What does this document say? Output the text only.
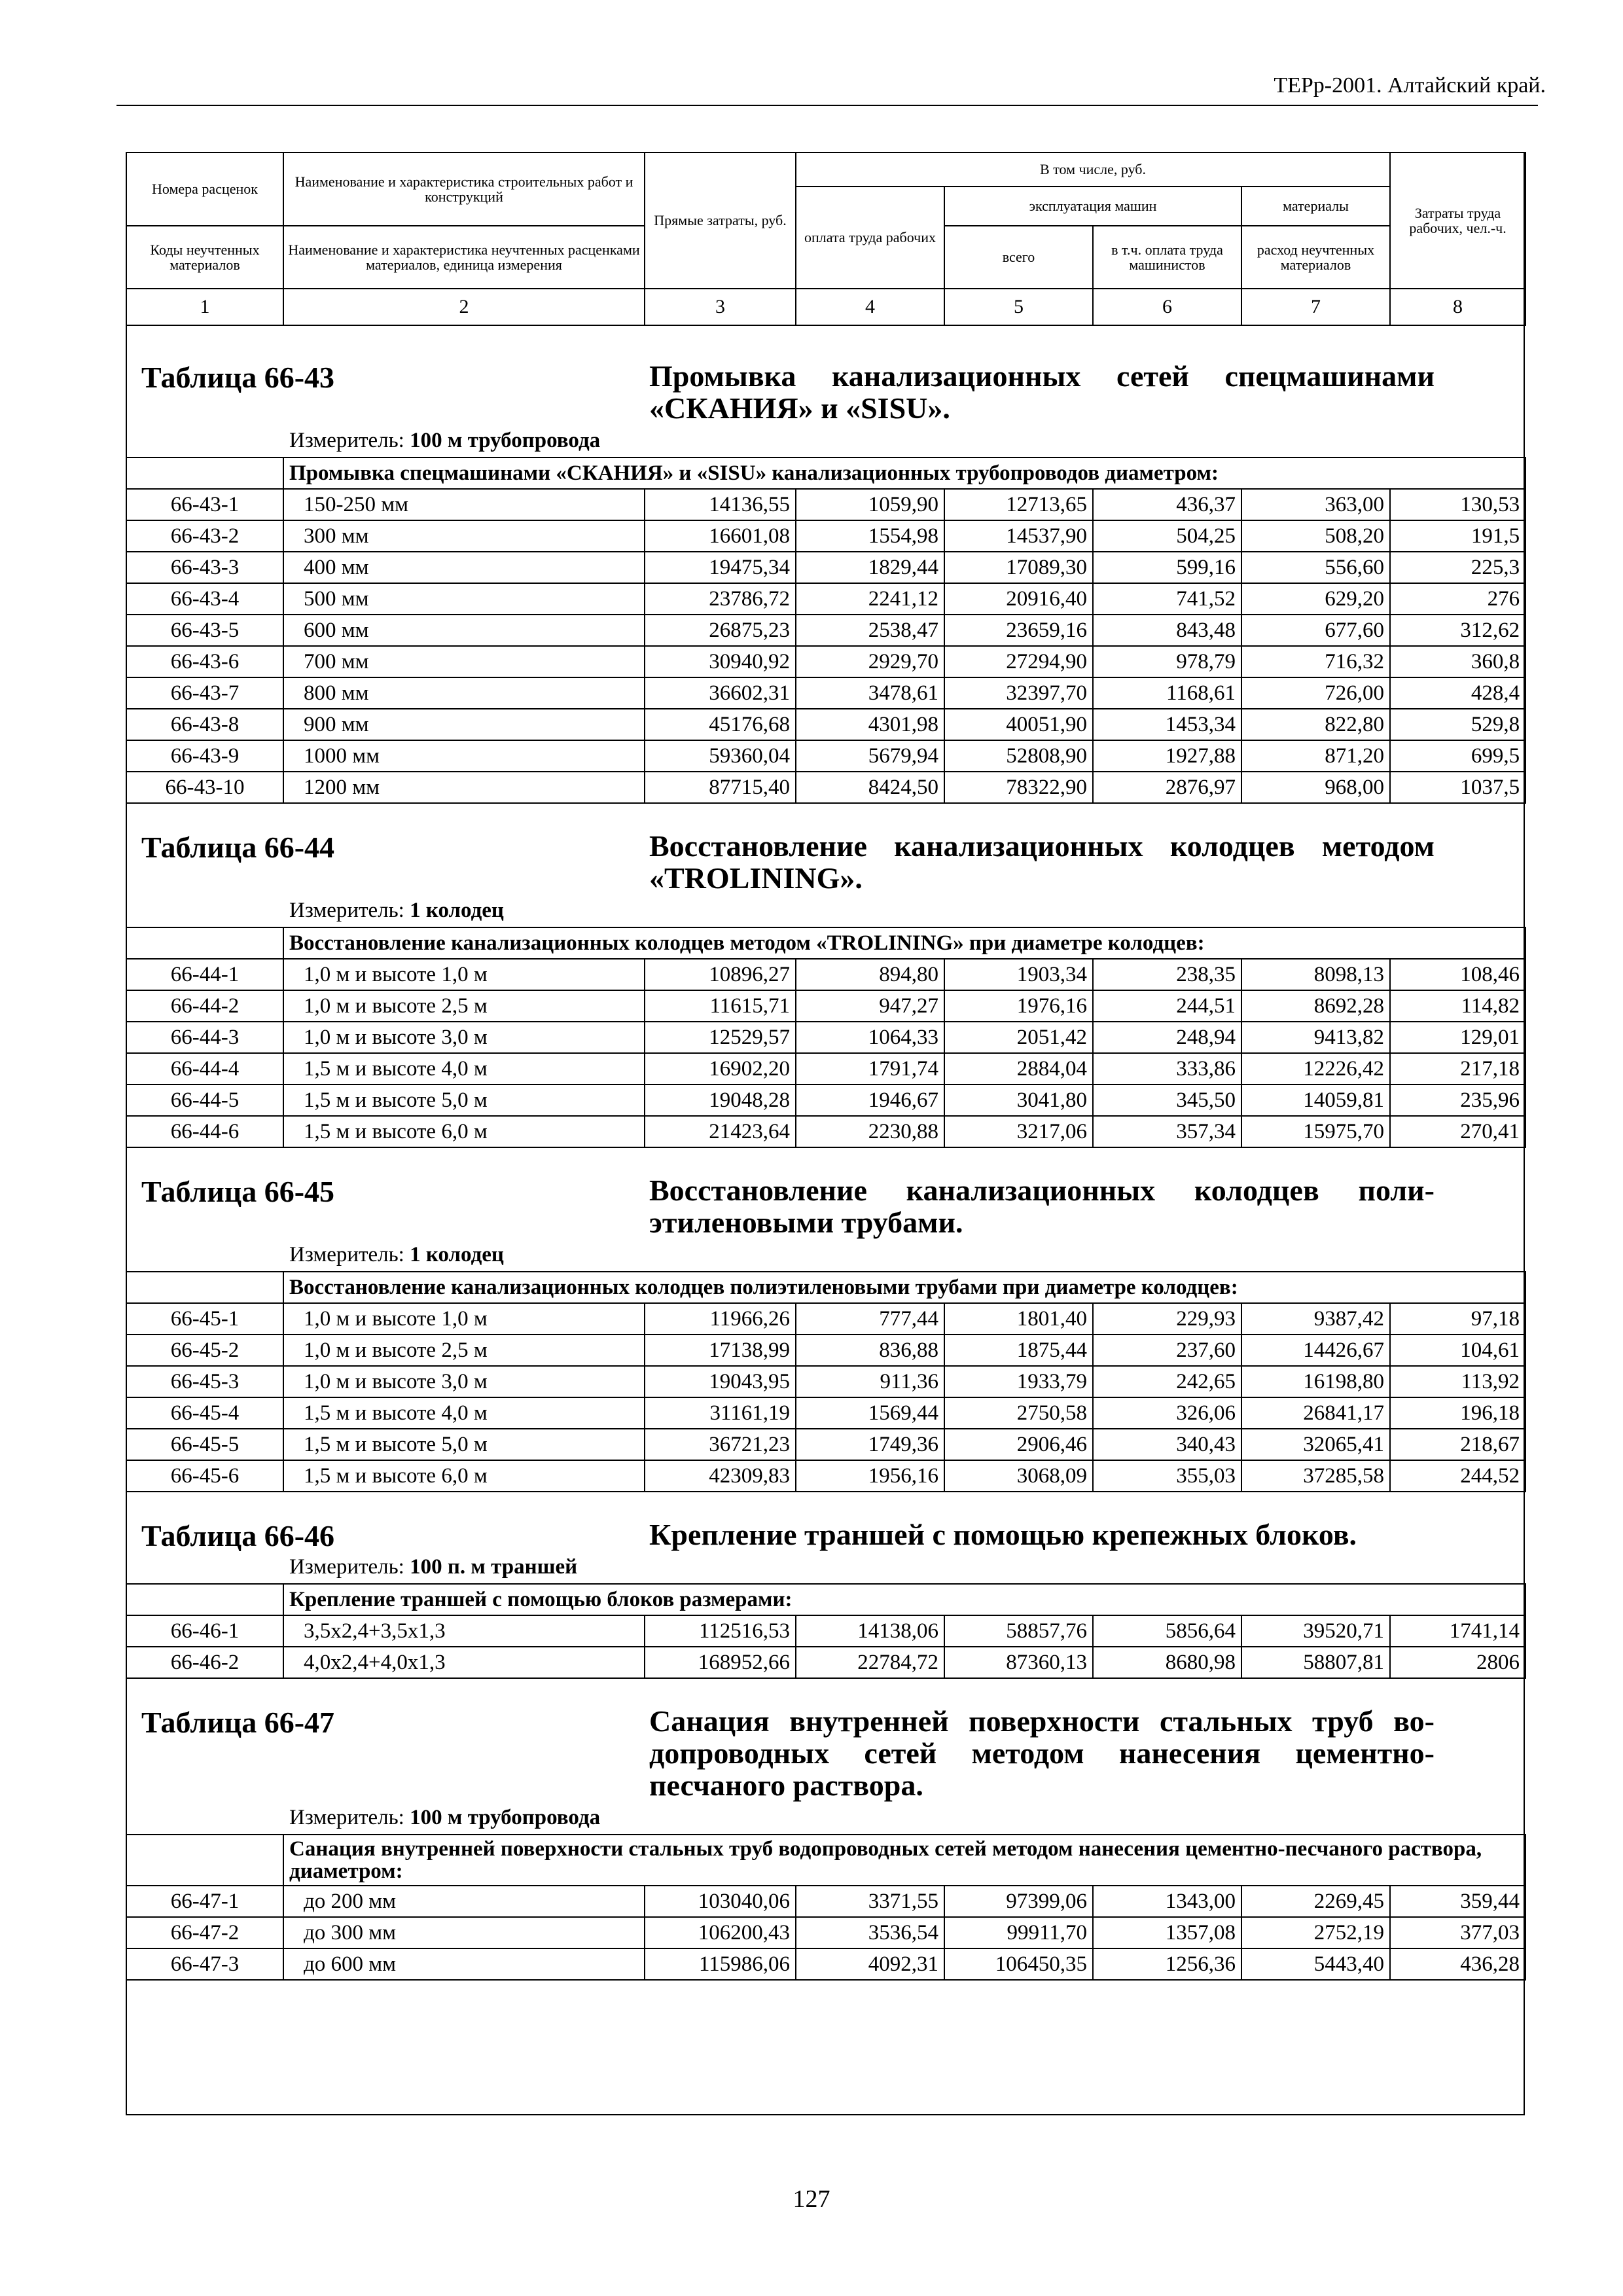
ТЕРр-2001. Алтайский край.
Номера расценок	Наименование и характеристика строительных работ и конструкций	Прямые затраты, руб.	В том числе, руб.				Затраты труда рабочих, чел.-ч.
			оплата труда рабочих	эксплуатация машин		материалы	
Коды неучтенных материалов	Наименование и характеристика неучтенных расценками материалов, единица измерения			всего	в т.ч. оплата труда машинистов	расход неучтенных материалов	
1	2	3	4	5	6	7	8
Таблица 66-43	Промывка канализационных сетей спецмашинами «СКАНИЯ» и «SISU».
Измеритель: 100 м трубопровода
	Промывка спецмашинами «СКАНИЯ» и «SISU» канализационных трубопроводов диаметром:						
66-43-1	150-250 мм	14136,55	1059,90	12713,65	436,37	363,00	130,53
66-43-2	300 мм	16601,08	1554,98	14537,90	504,25	508,20	191,5
66-43-3	400 мм	19475,34	1829,44	17089,30	599,16	556,60	225,3
66-43-4	500 мм	23786,72	2241,12	20916,40	741,52	629,20	276
66-43-5	600 мм	26875,23	2538,47	23659,16	843,48	677,60	312,62
66-43-6	700 мм	30940,92	2929,70	27294,90	978,79	716,32	360,8
66-43-7	800 мм	36602,31	3478,61	32397,70	1168,61	726,00	428,4
66-43-8	900 мм	45176,68	4301,98	40051,90	1453,34	822,80	529,8
66-43-9	1000 мм	59360,04	5679,94	52808,90	1927,88	871,20	699,5
66-43-10	1200 мм	87715,40	8424,50	78322,90	2876,97	968,00	1037,5
Таблица 66-44	Восстановление канализационных колодцев методом «TROLINING».
Измеритель: 1 колодец
	Восстановление канализационных колодцев методом «TROLINING» при диаметре колодцев:						
66-44-1	1,0 м и высоте 1,0 м	10896,27	894,80	1903,34	238,35	8098,13	108,46
66-44-2	1,0 м и высоте 2,5 м	11615,71	947,27	1976,16	244,51	8692,28	114,82
66-44-3	1,0 м и высоте 3,0 м	12529,57	1064,33	2051,42	248,94	9413,82	129,01
66-44-4	1,5 м и высоте 4,0 м	16902,20	1791,74	2884,04	333,86	12226,42	217,18
66-44-5	1,5 м и высоте 5,0 м	19048,28	1946,67	3041,80	345,50	14059,81	235,96
66-44-6	1,5 м и высоте 6,0 м	21423,64	2230,88	3217,06	357,34	15975,70	270,41
Таблица 66-45	Восстановление канализационных колодцев поли-этиленовыми трубами.
Измеритель: 1 колодец
	Восстановление канализационных колодцев полиэтиленовыми трубами при диаметре колодцев:						
66-45-1	1,0 м и высоте 1,0 м	11966,26	777,44	1801,40	229,93	9387,42	97,18
66-45-2	1,0 м и высоте 2,5 м	17138,99	836,88	1875,44	237,60	14426,67	104,61
66-45-3	1,0 м и высоте 3,0 м	19043,95	911,36	1933,79	242,65	16198,80	113,92
66-45-4	1,5 м и высоте 4,0 м	31161,19	1569,44	2750,58	326,06	26841,17	196,18
66-45-5	1,5 м и высоте 5,0 м	36721,23	1749,36	2906,46	340,43	32065,41	218,67
66-45-6	1,5 м и высоте 6,0 м	42309,83	1956,16	3068,09	355,03	37285,58	244,52
Таблица 66-46	Крепление траншей с помощью крепежных блоков.
Измеритель: 100 п. м траншей
	Крепление траншей с помощью блоков размерами:						
66-46-1	3,5х2,4+3,5х1,3	112516,53	14138,06	58857,76	5856,64	39520,71	1741,14
66-46-2	4,0х2,4+4,0х1,3	168952,66	22784,72	87360,13	8680,98	58807,81	2806
Таблица 66-47	Санация внутренней поверхности стальных труб во-допроводных сетей методом нанесения цементно-песчаного раствора.
Измеритель: 100 м трубопровода
	Санация внутренней поверхности стальных труб водопроводных сетей методом нанесения цементно-песчаного раствора, диаметром:						
66-47-1	до 200 мм	103040,06	3371,55	97399,06	1343,00	2269,45	359,44
66-47-2	до 300 мм	106200,43	3536,54	99911,70	1357,08	2752,19	377,03
66-47-3	до 600 мм	115986,06	4092,31	106450,35	1256,36	5443,40	436,28
127
